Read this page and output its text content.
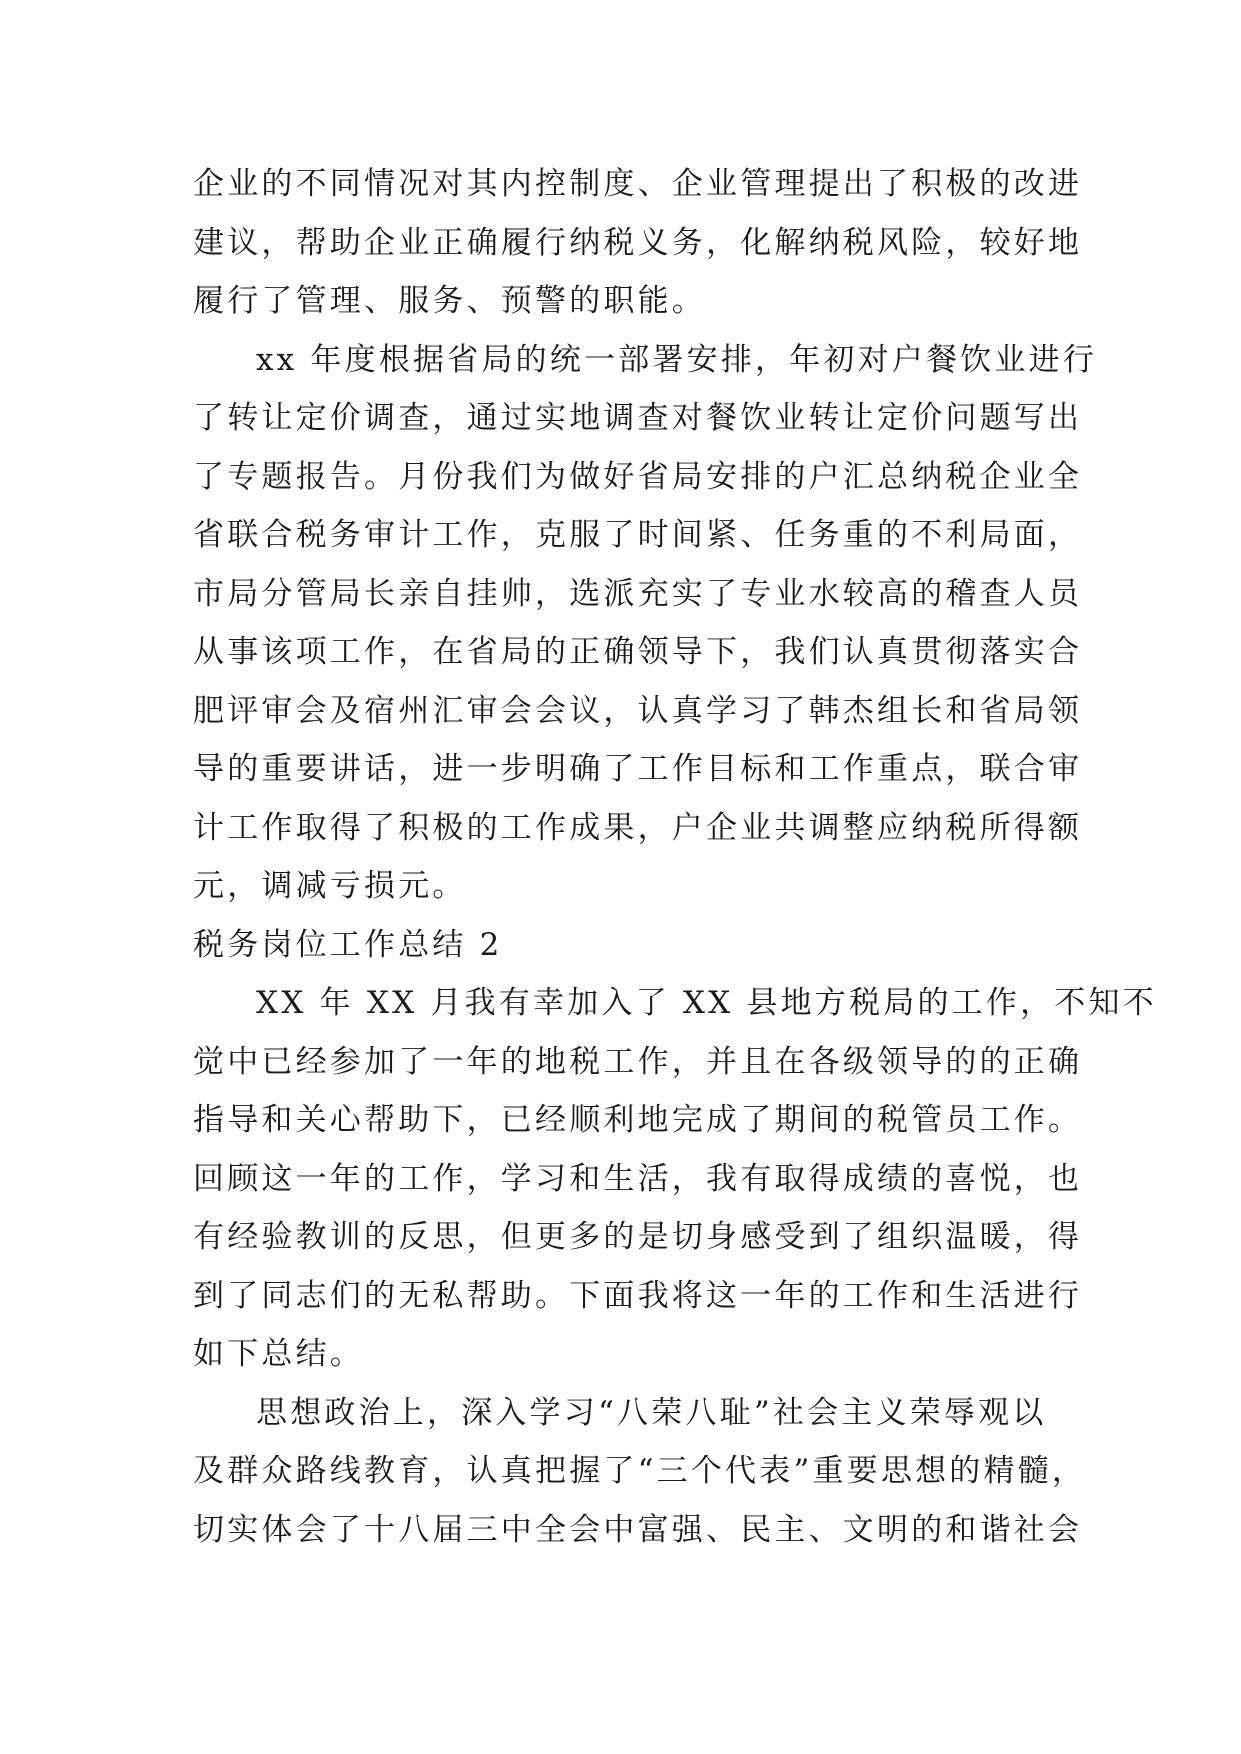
企业的不同情况对其内控制度、企业管理提出了积极的改进
建议，帮助企业正确履行纳税义务，化解纳税风险，较好地
履行了管理、服务、预警的职能。
xx 年度根据省局的统一部署安排，年初对户餐饮业进行
了转让定价调查，通过实地调查对餐饮业转让定价问题写出
了专题报告。月份我们为做好省局安排的户汇总纳税企业全
省联合税务审计工作，克服了时间紧、任务重的不利局面，
市局分管局长亲自挂帅，选派充实了专业水较高的稽查人员
从事该项工作，在省局的正确领导下，我们认真贯彻落实合
肥评审会及宿州汇审会会议，认真学习了韩杰组长和省局领
导的重要讲话，进一步明确了工作目标和工作重点，联合审
计工作取得了积极的工作成果，户企业共调整应纳税所得额
元，调减亏损元。
税务岗位工作总结 2
XX 年 XX 月我有幸加入了 XX 县地方税局的工作，不知不
觉中已经参加了一年的地税工作，并且在各级领导的的正确
指导和关心帮助下，已经顺利地完成了期间的税管员工作。
回顾这一年的工作，学习和生活，我有取得成绩的喜悦，也
有经验教训的反思，但更多的是切身感受到了组织温暖，得
到了同志们的无私帮助。下面我将这一年的工作和生活进行
如下总结。
思想政治上，深入学习“八荣八耻”社会主义荣辱观以
及群众路线教育，认真把握了“三个代表”重要思想的精髓，
切实体会了十八届三中全会中富强、民主、文明的和谐社会
